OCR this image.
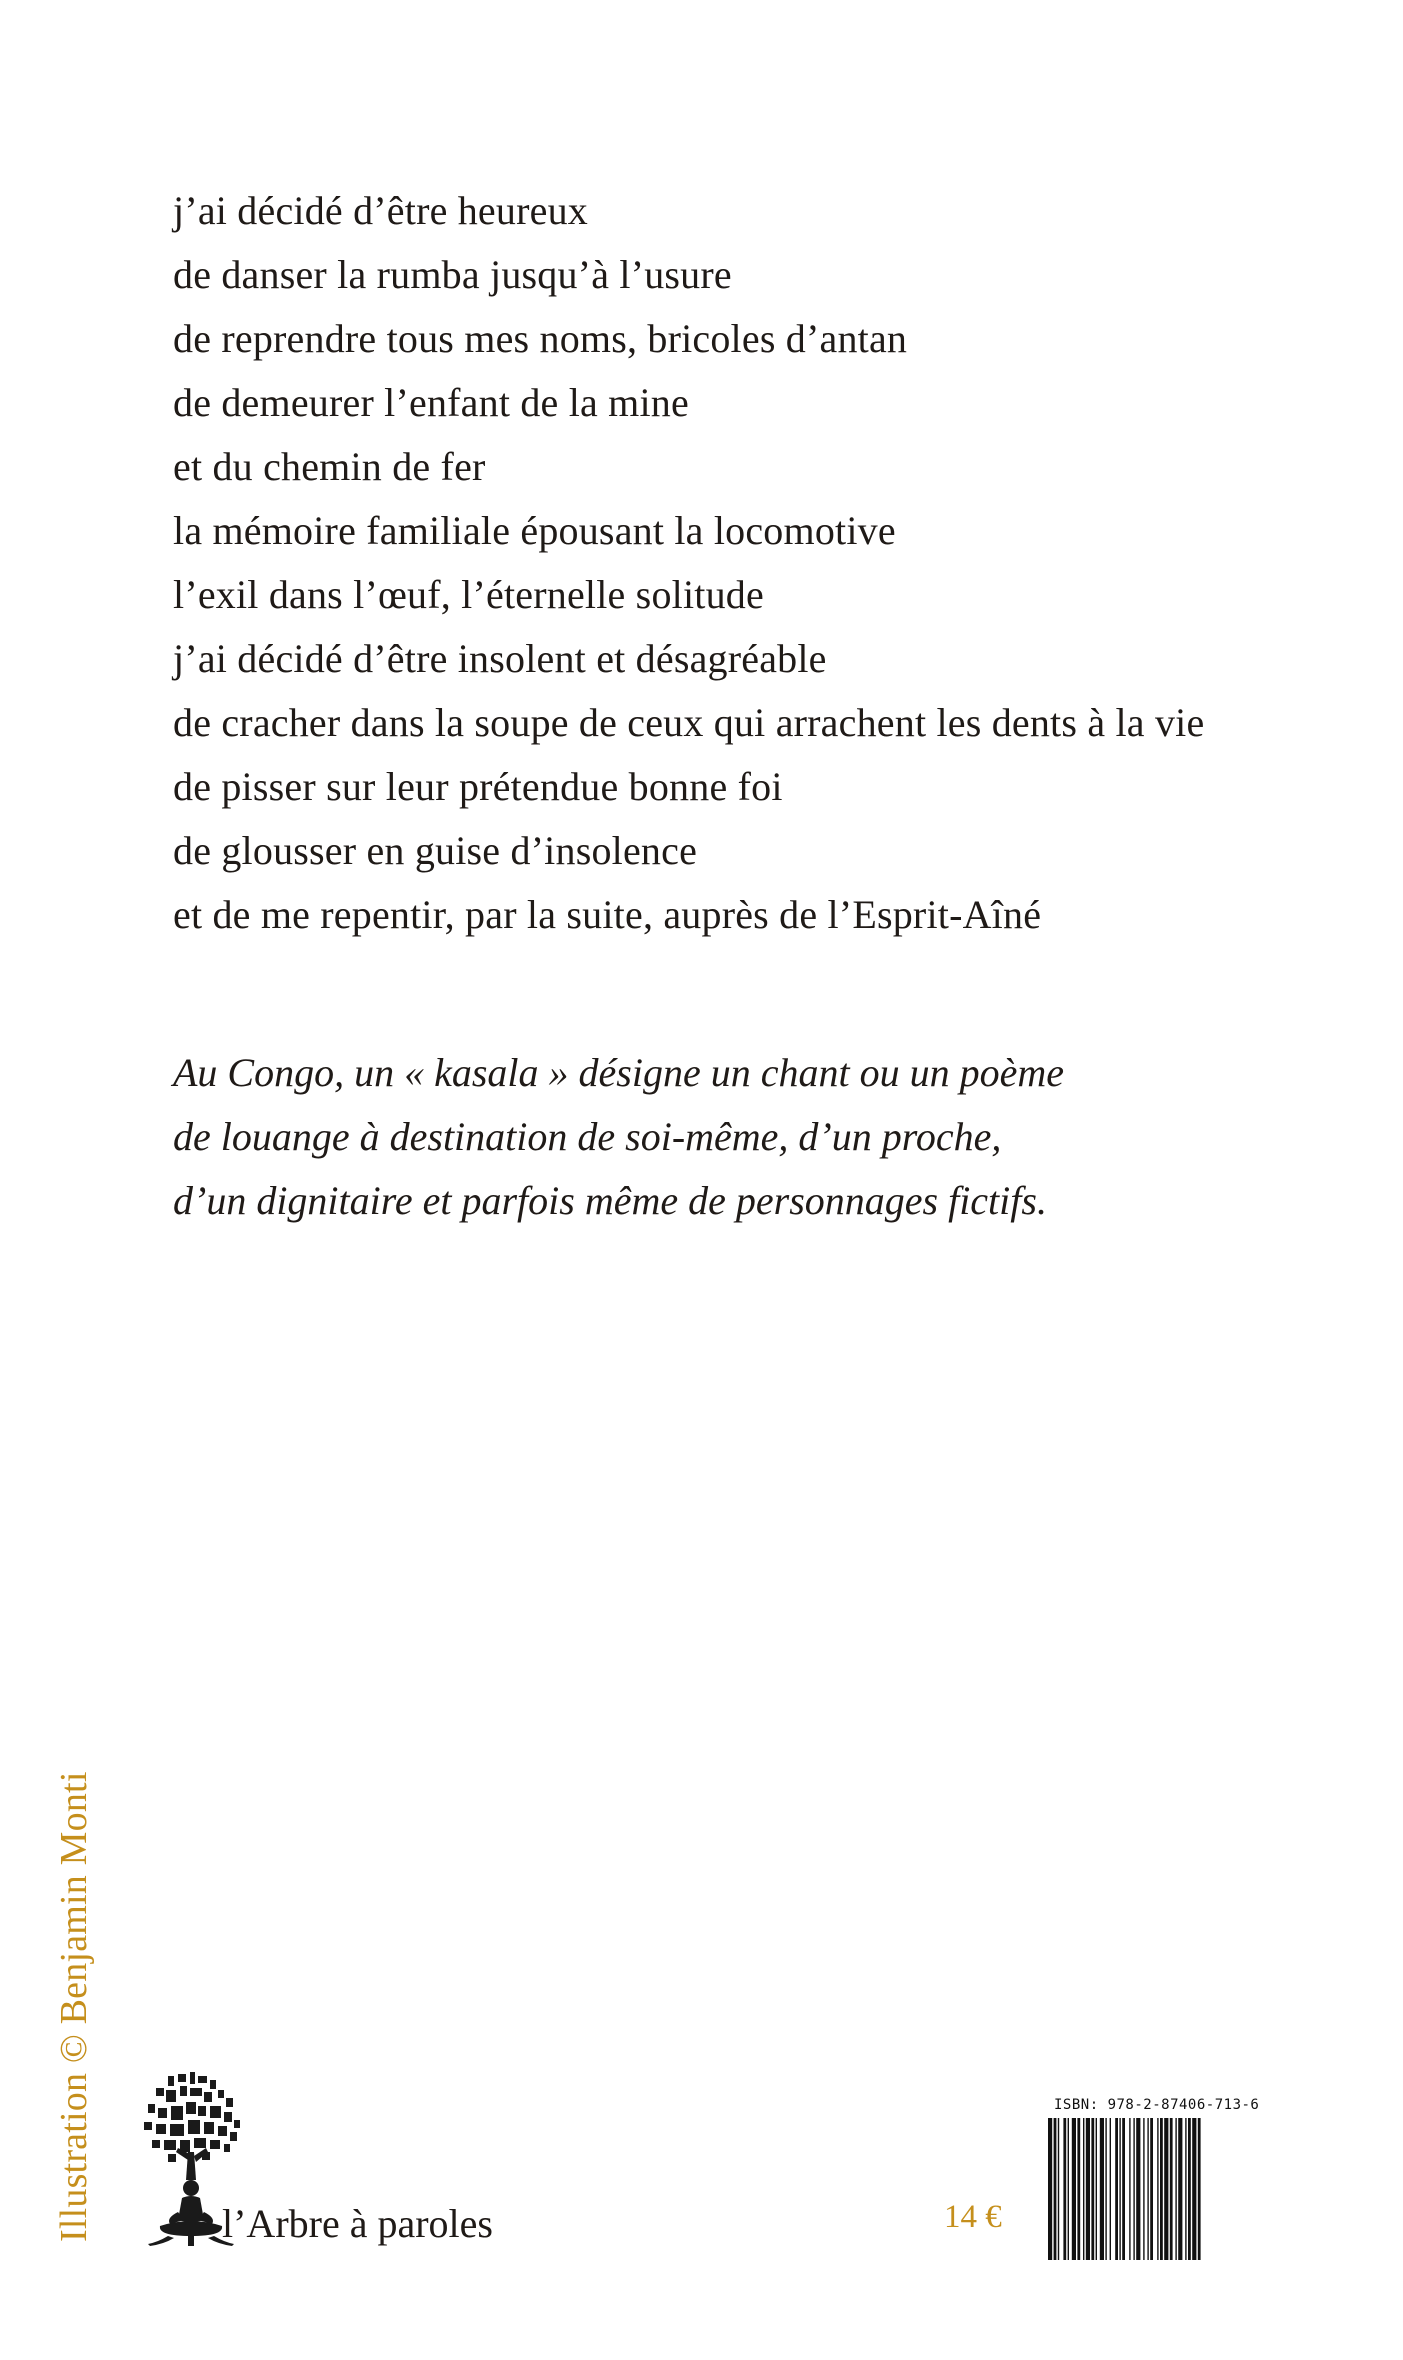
j’ai décidé d’être heureux
de danser la rumba jusqu’à l’usure
de reprendre tous mes noms, bricoles d’antan
de demeurer l’enfant de la mine
et du chemin de fer
la mémoire familiale épousant la locomotive
l’exil dans l’œuf, l’éternelle solitude
j’ai décidé d’être insolent et désagréable
de cracher dans la soupe de ceux qui arrachent les dents à la vie
de pisser sur leur prétendue bonne foi
de glousser en guise d’insolence
et de me repentir, par la suite, auprès de l’Esprit-Aîné
Au Congo, un « kasala » désigne un chant ou un poème
de louange à destination de soi-même, d’un proche,
d’un dignitaire et parfois même de personnages fictifs.
Illustration © Benjamin Monti	l’Arbre à paroles	14 €
ISBN: 978-2-87406-713-6
